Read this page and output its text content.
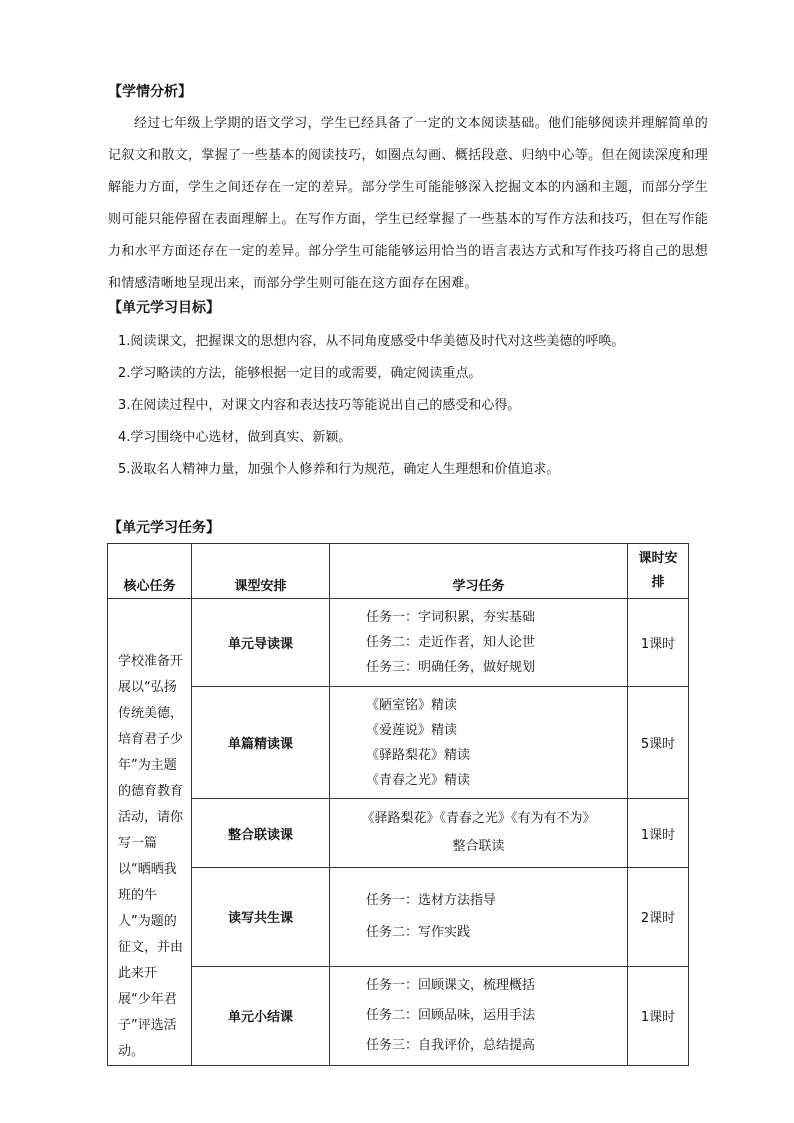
【学情分析】
经过七年级上学期的语文学习，学生已经具备了一定的文本阅读基础。他们能够阅读并理解简单的记叙文和散文，掌握了一些基本的阅读技巧，如圈点勾画、概括段意、归纳中心等。但在阅读深度和理解能力方面，学生之间还存在一定的差异。部分学生可能能够深入挖掘文本的内涵和主题，而部分学生则可能只能停留在表面理解上。在写作方面，学生已经掌握了一些基本的写作方法和技巧，但在写作能力和水平方面还存在一定的差异。部分学生可能能够运用恰当的语言表达方式和写作技巧将自己的思想和情感清晰地呈现出来，而部分学生则可能在这方面存在困难。
【单元学习目标】
1.阅读课文，把握课文的思想内容，从不同角度感受中华美德及时代对这些美德的呼唤。
2.学习略读的方法，能够根据一定目的或需要，确定阅读重点。
3.在阅读过程中，对课文内容和表达技巧等能说出自己的感受和心得。
4.学习围绕中心选材，做到真实、新颖。
5.汲取名人精神力量，加强个人修养和行为规范，确定人生理想和价值追求。
【单元学习任务】
核心任务	课型安排	学习任务	课时安排
学校准备开展以“弘扬传统美德，培育君子少年”为主题的德育教育活动，请你写一篇以“晒晒我班的牛人”为题的征文，并由此来开展“少年君子”评选活动。	单元导读课	任务一：字词积累，夯实基础
任务二：走近作者，知人论世
任务三：明确任务，做好规划	1课时
	单篇精读课	《陋室铭》精读
《爱莲说》精读
《驿路梨花》精读
《青春之光》精读	5课时
	整合联读课	《驿路梨花》《青春之光》《有为有不为》
整合联读	1课时
	读写共生课	任务一：选材方法指导
任务二：写作实践	2课时
	单元小结课	任务一：回顾课文，梳理概括
任务二：回顾品味，运用手法
任务三：自我评价，总结提高	1课时
